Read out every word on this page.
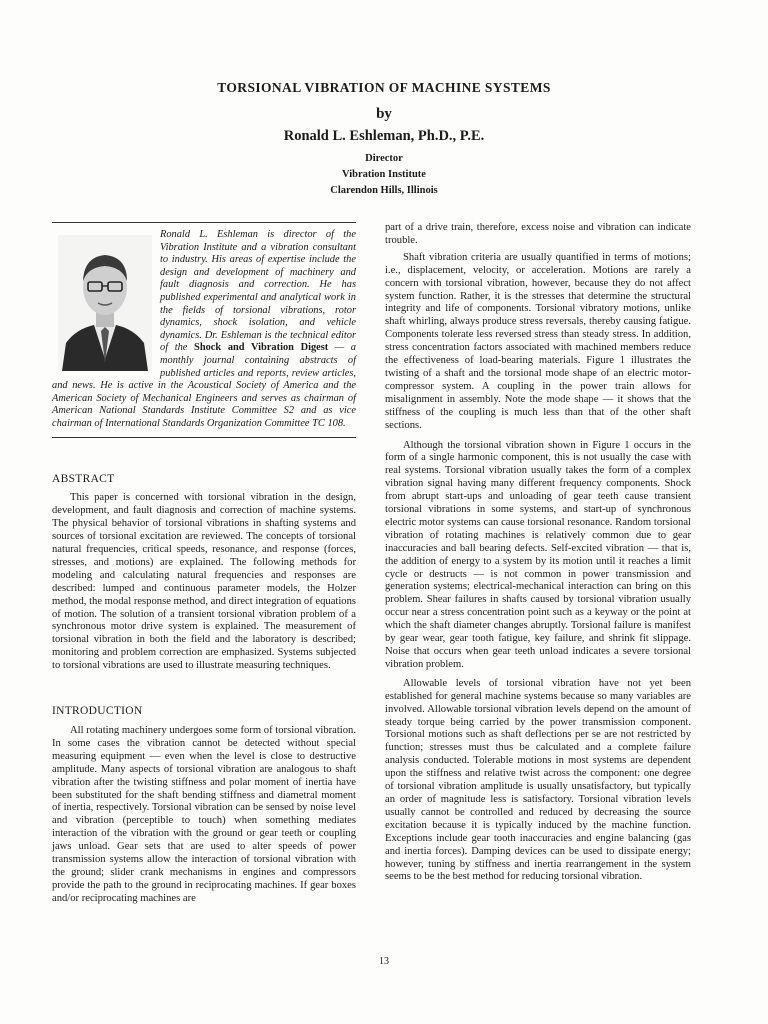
TORSIONAL VIBRATION OF MACHINE SYSTEMS
by
Ronald L. Eshleman, Ph.D., P.E.
Director
Vibration Institute
Clarendon Hills, Illinois
Ronald L. Eshleman is director of the Vibration Institute and a vibration consultant to industry. His areas of expertise include the design and development of machinery and fault diagnosis and correction. He has published experimental and analytical work in the fields of torsional vibrations, rotor dynamics, shock isolation, and vehicle dynamics. Dr. Eshleman is the technical editor of the Shock and Vibration Digest — a monthly journal containing abstracts of published articles and reports, review articles, and news. He is active in the Acoustical Society of America and the American Society of Mechanical Engineers and serves as chairman of American National Standards Institute Committee S2 and as vice chairman of International Standards Organization Committee TC 108.
ABSTRACT

This paper is concerned with torsional vibration in the design, development, and fault diagnosis and correction of machine systems. The physical behavior of torsional vibrations in shafting systems and sources of torsional excitation are reviewed. The concepts of torsional natural frequencies, critical speeds, resonance, and response (forces, stresses, and motions) are explained. The following methods for modeling and calculating natural frequencies and responses are described: lumped and continuous parameter models, the Holzer method, the modal response method, and direct integration of equations of motion. The solution of a transient torsional vibration problem of a synchronous motor drive system is explained. The measurement of torsional vibration in both the field and the laboratory is described; monitoring and problem correction are emphasized. Systems subjected to torsional vibrations are used to illustrate measuring techniques.

INTRODUCTION

All rotating machinery undergoes some form of torsional vibration. In some cases the vibration cannot be detected without special measuring equipment — even when the level is close to destructive amplitude. Many aspects of torsional vibration are analogous to shaft vibration after the twisting stiffness and polar moment of inertia have been substituted for the shaft bending stiffness and diametral moment of inertia, respectively. Torsional vibration can be sensed by noise level and vibration (perceptible to touch) when something mediates interaction of the vibration with the ground or gear teeth or coupling jaws unload. Gear sets that are used to alter speeds of power transmission systems allow the interaction of torsional vibration with the ground; slider crank mechanisms in engines and compressors provide the path to the ground in reciprocating machines. If gear boxes and/or reciprocating machines are

part of a drive train, therefore, excess noise and vibration can indicate trouble.

Shaft vibration criteria are usually quantified in terms of motions; i.e., displacement, velocity, or acceleration. Motions are rarely a concern with torsional vibration, however, because they do not affect system function. Rather, it is the stresses that determine the structural integrity and life of components. Torsional vibratory motions, unlike shaft whirling, always produce stress reversals, thereby causing fatigue. Components tolerate less reversed stress than steady stress. In addition, stress concentration factors associated with machined members reduce the effectiveness of load-bearing materials. Figure 1 illustrates the twisting of a shaft and the torsional mode shape of an electric motor-compressor system. A coupling in the power train allows for misalignment in assembly. Note the mode shape — it shows that the stiffness of the coupling is much less than that of the other shaft sections.

Although the torsional vibration shown in Figure 1 occurs in the form of a single harmonic component, this is not usually the case with real systems. Torsional vibration usually takes the form of a complex vibration signal having many different frequency components. Shock from abrupt start-ups and unloading of gear teeth cause transient torsional vibrations in some systems, and start-up of synchronous electric motor systems can cause torsional resonance. Random torsional vibration of rotating machines is relatively common due to gear inaccuracies and ball bearing defects. Self-excited vibration — that is, the addition of energy to a system by its motion until it reaches a limit cycle or destructs — is not common in power transmission and generation systems; electrical-mechanical interaction can bring on this problem. Shear failures in shafts caused by torsional vibration usually occur near a stress concentration point such as a keyway or the point at which the shaft diameter changes abruptly. Torsional failure is manifest by gear wear, gear tooth fatigue, key failure, and shrink fit slippage. Noise that occurs when gear teeth unload indicates a severe torsional vibration problem.

Allowable levels of torsional vibration have not yet been established for general machine systems because so many variables are involved. Allowable torsional vibration levels depend on the amount of steady torque being carried by the power transmission component. Torsional motions such as shaft deflections per se are not restricted by function; stresses must thus be calculated and a complete failure analysis conducted. Tolerable motions in most systems are dependent upon the stiffness and relative twist across the component: one degree of torsional vibration amplitude is usually unsatisfactory, but typically an order of magnitude less is satisfactory. Torsional vibration levels usually cannot be controlled and reduced by decreasing the source excitation because it is typically induced by the machine function. Exceptions include gear tooth inaccuracies and engine balancing (gas and inertia forces). Damping devices can be used to dissipate energy; however, tuning by stiffness and inertia rearrangement in the system seems to be the best method for reducing torsional vibration.

13
